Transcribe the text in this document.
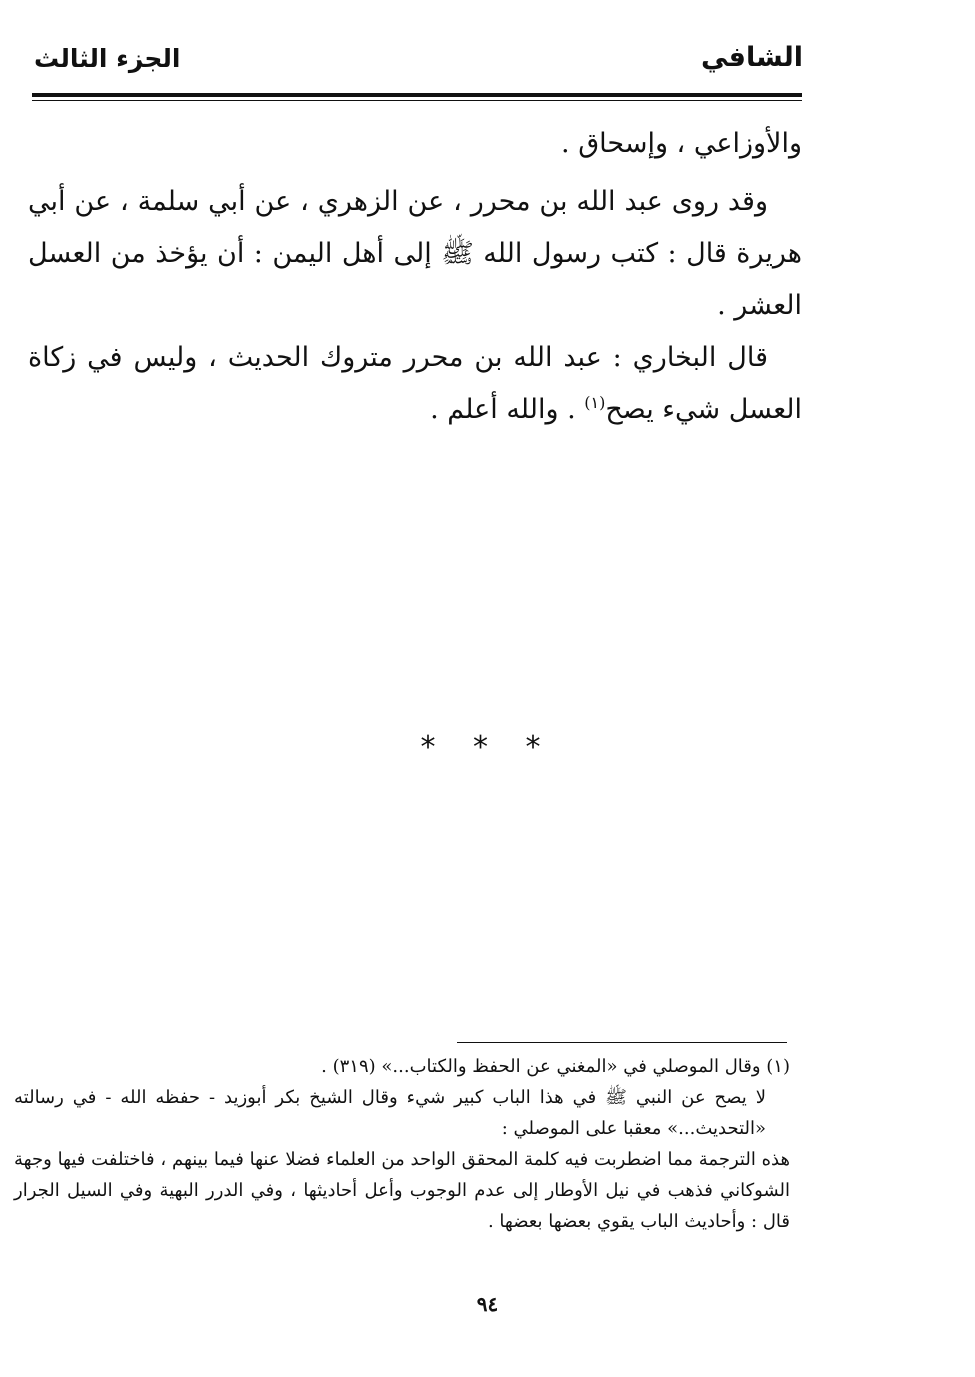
الشافي
الجزء الثالث

والأوزاعي ، وإسحاق .

وقد روى عبد الله بن محرر ، عن الزهري ، عن أبي سلمة ، عن أبي هريرة قال : كتب رسول الله ﷺ إلى أهل اليمن : أن يؤخذ من العسل العشر .

قال البخاري : عبد الله بن محرر متروك الحديث ، وليس في زكاة العسل شيء يصح$^{(١)}$ . والله أعلم .

* * *

(١) وقال الموصلي في «المغني عن الحفظ والكتاب...» (٣١٩) .

لا يصح عن النبي ﷺ في هذا الباب كبير شيء وقال الشيخ بكر أبوزيد - حفظه الله - في رسالته «التحديث...» معقبا على الموصلي :

هذه الترجمة مما اضطربت فيه كلمة المحقق الواحد من العلماء فضلا عنها فيما بينهم ، فاختلفت فيها وجهة الشوكاني فذهب في نيل الأوطار إلى عدم الوجوب وأعل أحاديثها ، وفي الدرر البهية وفي السيل الجرار قال : وأحاديث الباب يقوي بعضها بعضها .

٩٤
